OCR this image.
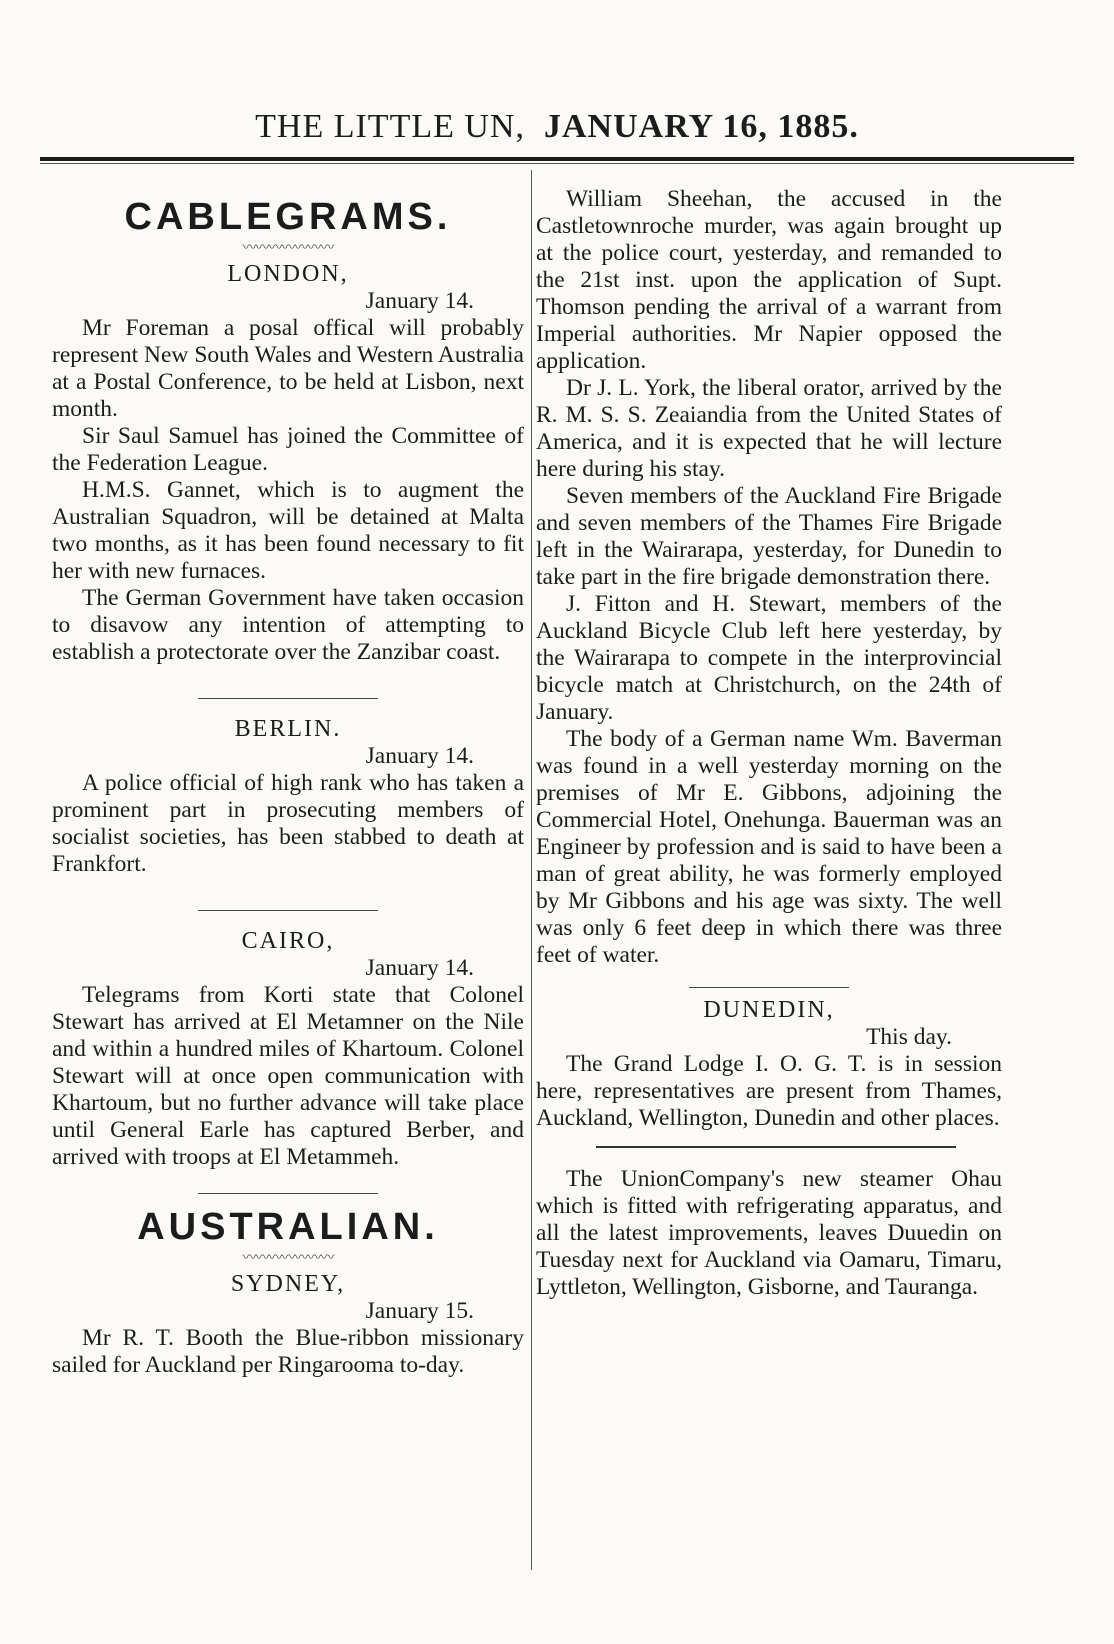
THE LITTLE UN, JANUARY 16, 1885.
CABLEGRAMS.
〰〰〰〰〰〰〰
LONDON,
January 14.

Mr Foreman a posal offical will probably represent New South Wales and Western Australia at a Postal Conference, to be held at Lisbon, next month.

Sir Saul Samuel has joined the Committee of the Federation League.

H.M.S. Gannet, which is to augment the Australian Squadron, will be detained at Malta two months, as it has been found necessary to fit her with new furnaces.

The German Government have taken occasion to disavow any intention of attempting to establish a protectorate over the Zanzibar coast.

BERLIN.
January 14.

A police official of high rank who has taken a prominent part in prosecuting members of socialist societies, has been stabbed to death at Frankfort.

CAIRO,
January 14.

Telegrams from Korti state that Colonel Stewart has arrived at El Metamner on the Nile and within a hundred miles of Khartoum. Colonel Stewart will at once open communication with Khartoum, but no further advance will take place until General Earle has captured Berber, and arrived with troops at El Metammeh.

AUSTRALIAN.
〰〰〰〰〰〰〰
SYDNEY,
January 15.

Mr R. T. Booth the Blue-ribbon missionary sailed for Auckland per Ringarooma to-day.

William Sheehan, the accused in the Castletownroche murder, was again brought up at the police court, yesterday, and remanded to the 21st inst. upon the application of Supt. Thomson pending the arrival of a warrant from Imperial authorities. Mr Napier opposed the application.

Dr J. L. York, the liberal orator, arrived by the R. M. S. S. Zeaiandia from the United States of America, and it is expected that he will lecture here during his stay.

Seven members of the Auckland Fire Brigade and seven members of the Thames Fire Brigade left in the Wairarapa, yesterday, for Dunedin to take part in the fire brigade demonstration there.

J. Fitton and H. Stewart, members of the Auckland Bicycle Club left here yesterday, by the Wairarapa to compete in the interprovincial bicycle match at Christchurch, on the 24th of January.

The body of a German name Wm. Baverman was found in a well yesterday morning on the premises of Mr E. Gibbons, adjoining the Commercial Hotel, Onehunga. Bauerman was an Engineer by profession and is said to have been a man of great ability, he was formerly employed by Mr Gibbons and his age was sixty. The well was only 6 feet deep in which there was three feet of water.

DUNEDIN,
This day.

The Grand Lodge I. O. G. T. is in session here, representatives are present from Thames, Auckland, Wellington, Dunedin and other places.

The UnionCompany's new steamer Ohau which is fitted with refrigerating apparatus, and all the latest improvements, leaves Duuedin on Tuesday next for Auckland via Oamaru, Timaru, Lyttleton, Wellington, Gisborne, and Tauranga.
